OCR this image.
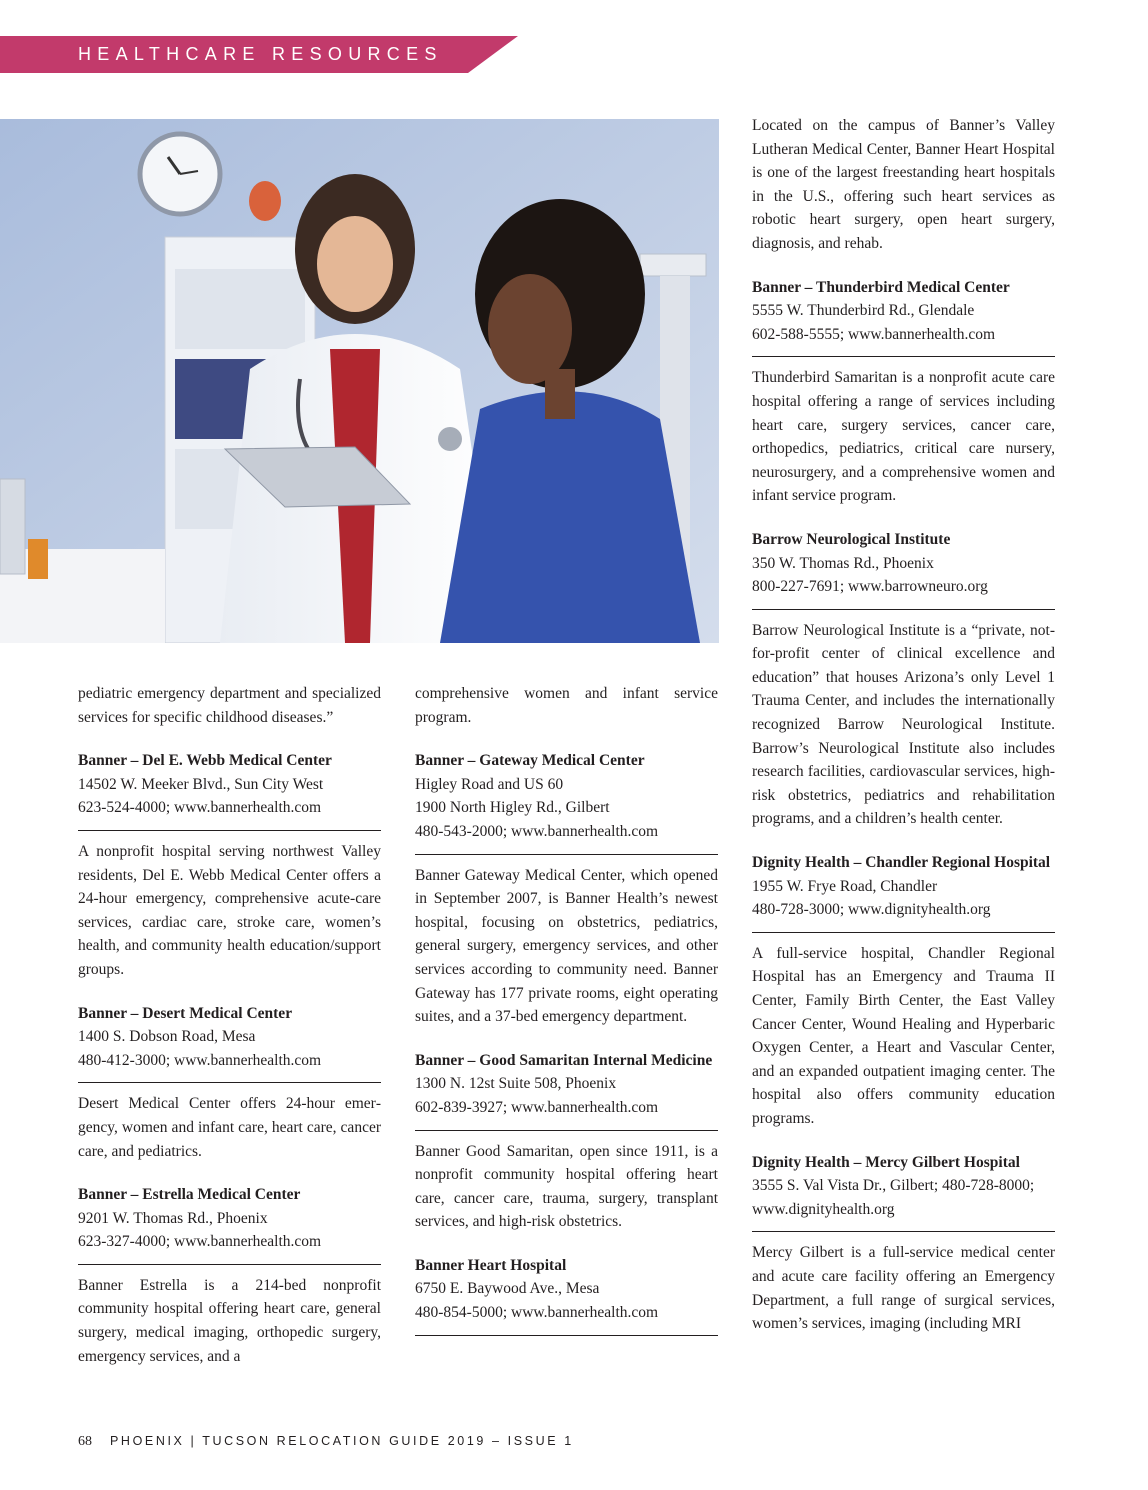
HEALTHCARE RESOURCES

pediatric emergency department and specialized services for specific childhood diseases.”

Banner – Del E. Webb Medical Center

14502 W. Meeker Blvd., Sun City West

623-524-4000; www.bannerhealth.com

A nonprofit hospital serving northwest Valley residents, Del E. Webb Medical Center offers a 24-hour emergency, comprehensive acute-care services, cardiac care, stroke care, women’s health, and community health education/support groups.

Banner – Desert Medical Center

1400 S. Dobson Road, Mesa

480-412-3000; www.bannerhealth.com

Desert Medical Center offers 24-hour emergency, women and infant care, heart care, cancer care, and pediatrics.

Banner – Estrella Medical Center

9201 W. Thomas Rd., Phoenix

623-327-4000; www.bannerhealth.com

Banner Estrella is a 214-bed nonprofit community hospital offering heart care, general surgery, medical imaging, orthopedic surgery, emergency services, and a

comprehensive women and infant service program.

Banner – Gateway Medical Center

Higley Road and US 60

1900 North Higley Rd., Gilbert

480-543-2000; www.bannerhealth.com

Banner Gateway Medical Center, which opened in September 2007, is Banner Health’s newest hospital, focusing on obstetrics, pediatrics, general surgery, emergency services, and other services according to community need. Banner Gateway has 177 private rooms, eight operating suites, and a 37-bed emergency department.

Banner – Good Samaritan Internal Medicine

1300 N. 12st Suite 508, Phoenix

602-839-3927; www.bannerhealth.com

Banner Good Samaritan, open since 1911, is a nonprofit community hospital offering heart care, cancer care, trauma, surgery, transplant services, and high-risk obstetrics.

Banner Heart Hospital

6750 E. Baywood Ave., Mesa

480-854-5000; www.bannerhealth.com

Located on the campus of Banner’s Valley Lutheran Medical Center, Banner Heart Hospital is one of the largest freestanding heart hospitals in the U.S., offering such heart services as robotic heart surgery, open heart surgery, diagnosis, and rehab.

Banner – Thunderbird Medical Center

5555 W. Thunderbird Rd., Glendale

602-588-5555; www.bannerhealth.com

Thunderbird Samaritan is a nonprofit acute care hospital offering a range of services including heart care, surgery services, cancer care, orthopedics, pediatrics, critical care nursery, neurosurgery, and a comprehensive women and infant service program.

Barrow Neurological Institute

350 W. Thomas Rd., Phoenix

800-227-7691; www.barrowneuro.org

Barrow Neurological Institute is a “private, not-for-profit center of clinical excellence and education” that houses Arizona’s only Level 1 Trauma Center, and includes the internationally recognized Barrow Neurological Institute. Barrow’s Neurological Institute also includes research facilities, cardiovascular services, high-risk obstetrics, pediatrics and rehabilitation programs, and a children’s health center.

Dignity Health – Chandler Regional Hospital

1955 W. Frye Road, Chandler

480-728-3000; www.dignityhealth.org

A full-service hospital, Chandler Regional Hospital has an Emergency and Trauma II Center, Family Birth Center, the East Valley Cancer Center, Wound Healing and Hyperbaric Oxygen Center, a Heart and Vascular Center, and an expanded outpatient imaging center. The hospital also offers community education programs.

Dignity Health – Mercy Gilbert Hospital

3555 S. Val Vista Dr., Gilbert; 480-728-8000;

www.dignityhealth.org

Mercy Gilbert is a full-service medical center and acute care facility offering an Emergency Department, a full range of surgical services, women’s services, imaging (including MRI

68 PHOENIX | TUCSON RELOCATION GUIDE 2019 – ISSUE 1
